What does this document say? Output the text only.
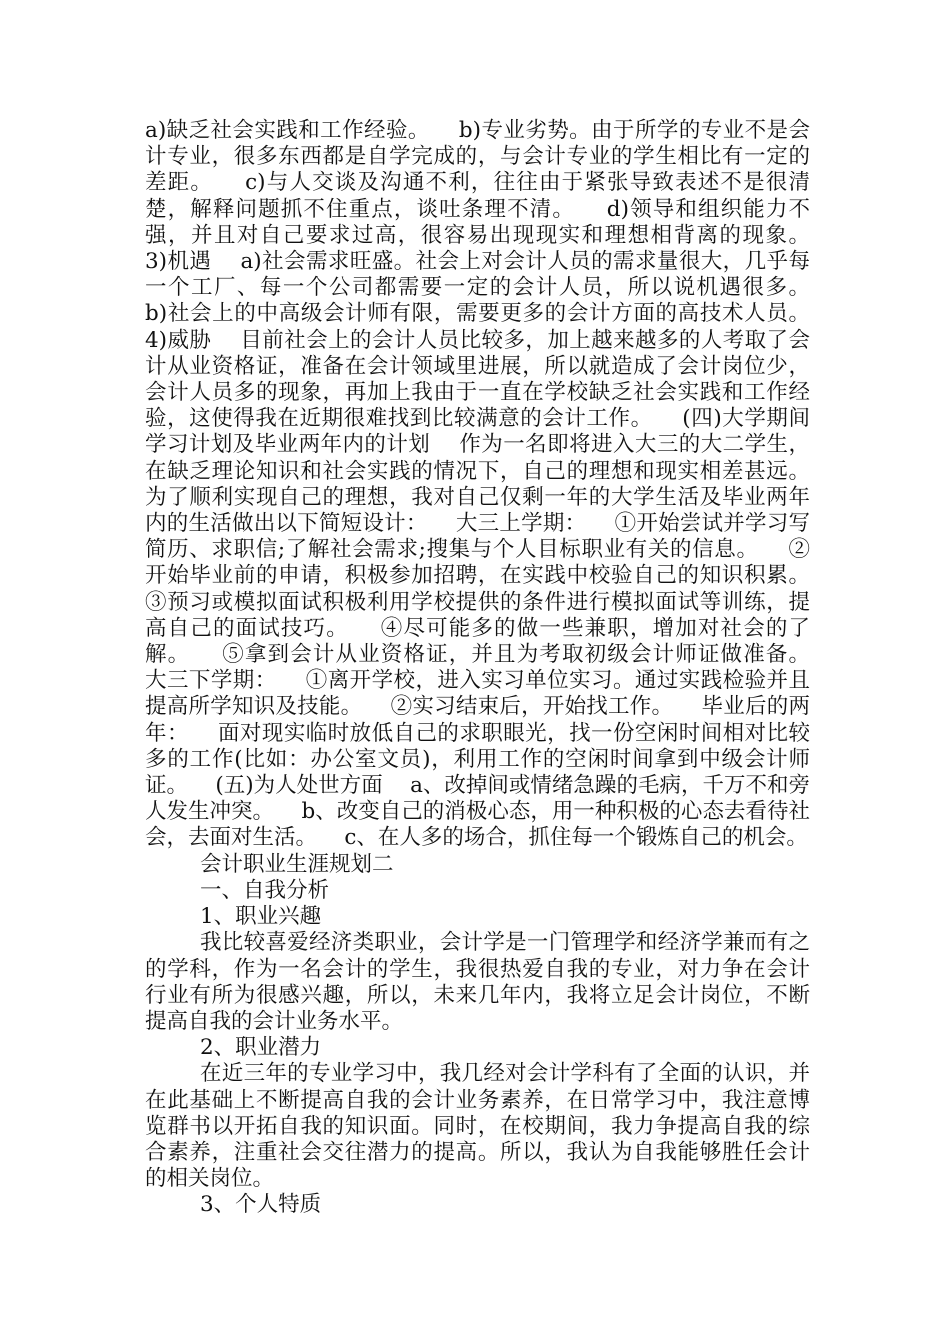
a)缺乏社会实践和工作经验。    b)专业劣势。由于所学的专业不是会计专业，很多东西都是自学完成的，与会计专业的学生相比有一定的差距。    c)与人交谈及沟通不利，往往由于紧张导致表述不是很清楚，解释问题抓不住重点，谈吐条理不清。    d)领导和组织能力不强，并且对自己要求过高，很容易出现现实和理想相背离的现象。    3)机遇    a)社会需求旺盛。社会上对会计人员的需求量很大，几乎每一个工厂、每一个公司都需要一定的会计人员，所以说机遇很多。    b)社会上的中高级会计师有限，需要更多的会计方面的高技术人员。    4)威胁    目前社会上的会计人员比较多，加上越来越多的人考取了会计从业资格证，准备在会计领域里进展，所以就造成了会计岗位少，会计人员多的现象，再加上我由于一直在学校缺乏社会实践和工作经验，这使得我在近期很难找到比较满意的会计工作。    (四)大学期间学习计划及毕业两年内的计划    作为一名即将进入大三的大二学生，在缺乏理论知识和社会实践的情况下，自己的理想和现实相差甚远。为了顺利实现自己的理想，我对自己仅剩一年的大学生活及毕业两年内的生活做出以下简短设计：    大三上学期：    ①开始尝试并学习写简历、求职信;了解社会需求;搜集与个人目标职业有关的信息。    ②开始毕业前的申请，积极参加招聘，在实践中校验自己的知识积累。③预习或模拟面试积极利用学校提供的条件进行模拟面试等训练，提高自己的面试技巧。    ④尽可能多的做一些兼职，增加对社会的了解。    ⑤拿到会计从业资格证，并且为考取初级会计师证做准备。    大三下学期：    ①离开学校，进入实习单位实习。通过实践检验并且提高所学知识及技能。    ②实习结束后，开始找工作。    毕业后的两年：    面对现实临时放低自己的求职眼光，找一份空闲时间相对比较多的工作(比如：办公室文员)，利用工作的空闲时间拿到中级会计师证。    (五)为人处世方面    a、改掉间或情绪急躁的毛病，千万不和旁人发生冲突。    b、改变自己的消极心态，用一种积极的心态去看待社会，去面对生活。    c、在人多的场合，抓住每一个锻炼自己的机会。

会计职业生涯规划二

一、自我分析

1、职业兴趣

我比较喜爱经济类职业，会计学是一门管理学和经济学兼而有之的学科，作为一名会计的学生，我很热爱自我的专业，对力争在会计行业有所为很感兴趣，所以，未来几年内，我将立足会计岗位，不断提高自我的会计业务水平。

2、职业潜力

在近三年的专业学习中，我几经对会计学科有了全面的认识，并在此基础上不断提高自我的会计业务素养，在日常学习中，我注意博览群书以开拓自我的知识面。同时，在校期间，我力争提高自我的综合素养，注重社会交往潜力的提高。所以，我认为自我能够胜任会计的相关岗位。

3、个人特质
